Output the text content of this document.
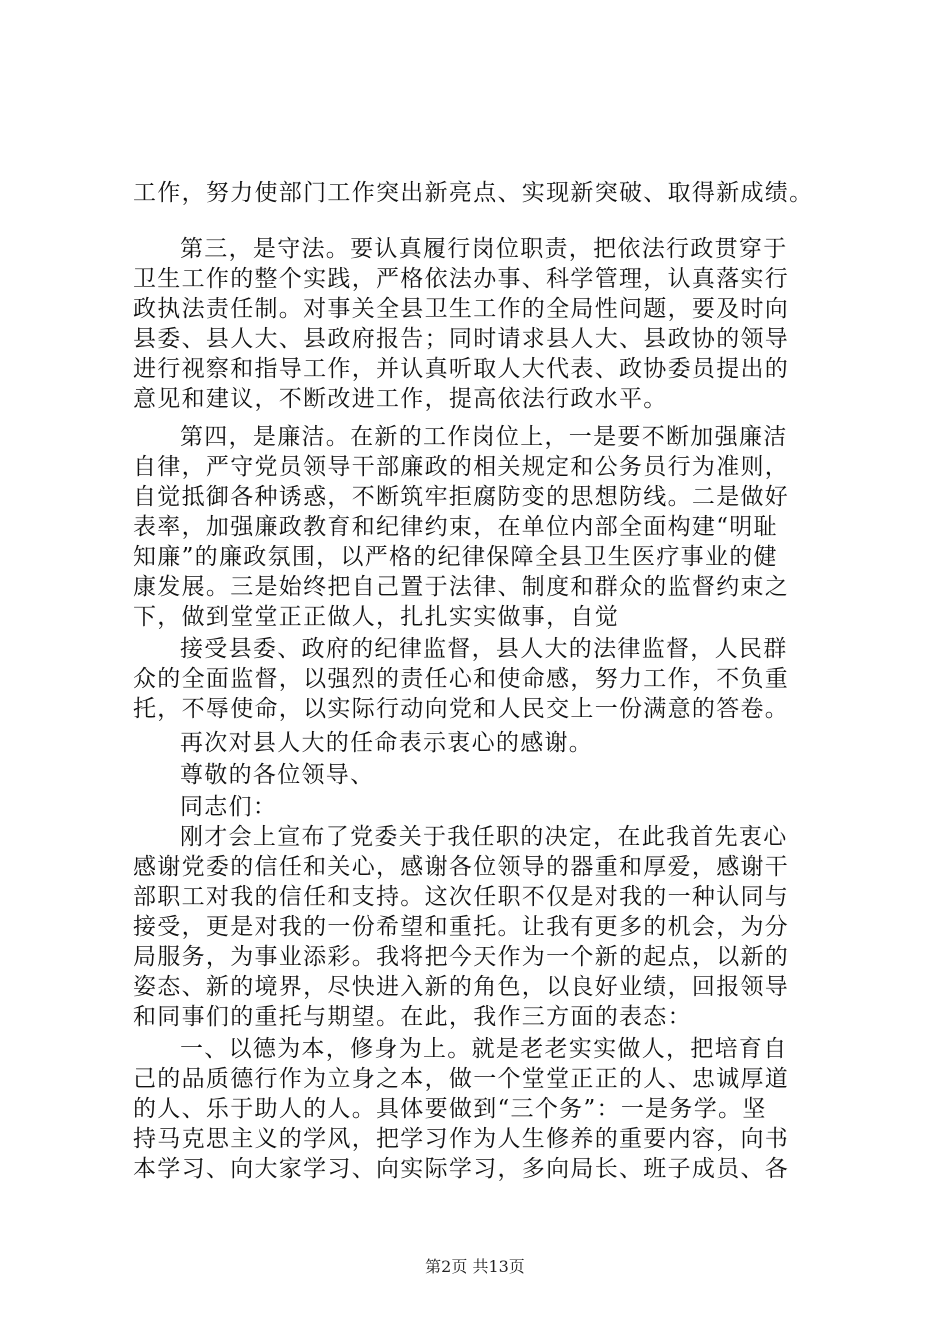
工作，努力使部门工作突出新亮点、实现新突破、取得新成绩。
第三，是守法。要认真履行岗位职责，把依法行政贯穿于
卫生工作的整个实践，严格依法办事、科学管理，认真落实行
政执法责任制。对事关全县卫生工作的全局性问题，要及时向
县委、县人大、县政府报告；同时请求县人大、县政协的领导
进行视察和指导工作，并认真听取人大代表、政协委员提出的
意见和建议，不断改进工作，提高依法行政水平。
第四，是廉洁。在新的工作岗位上，一是要不断加强廉洁
自律，严守党员领导干部廉政的相关规定和公务员行为准则，
自觉抵御各种诱惑，不断筑牢拒腐防变的思想防线。二是做好
表率，加强廉政教育和纪律约束，在单位内部全面构建“明耻
知廉”的廉政氛围，以严格的纪律保障全县卫生医疗事业的健
康发展。三是始终把自己置于法律、制度和群众的监督约束之
下，做到堂堂正正做人，扎扎实实做事，自觉
接受县委、政府的纪律监督，县人大的法律监督，人民群
众的全面监督，以强烈的责任心和使命感，努力工作，不负重
托，不辱使命，以实际行动向党和人民交上一份满意的答卷。
再次对县人大的任命表示衷心的感谢。
尊敬的各位领导、
同志们：
刚才会上宣布了党委关于我任职的决定，在此我首先衷心
感谢党委的信任和关心，感谢各位领导的器重和厚爱，感谢干
部职工对我的信任和支持。这次任职不仅是对我的一种认同与
接受，更是对我的一份希望和重托。让我有更多的机会，为分
局服务，为事业添彩。我将把今天作为一个新的起点，以新的
姿态、新的境界，尽快进入新的角色，以良好业绩，回报领导
和同事们的重托与期望。在此，我作三方面的表态：
一、以德为本，修身为上。就是老老实实做人，把培育自
己的品质德行作为立身之本，做一个堂堂正正的人、忠诚厚道
的人、乐于助人的人。具体要做到“三个务”：一是务学。坚
持马克思主义的学风，把学习作为人生修养的重要内容，向书
本学习、向大家学习、向实际学习，多向局长、班子成员、各
第2页 共13页
